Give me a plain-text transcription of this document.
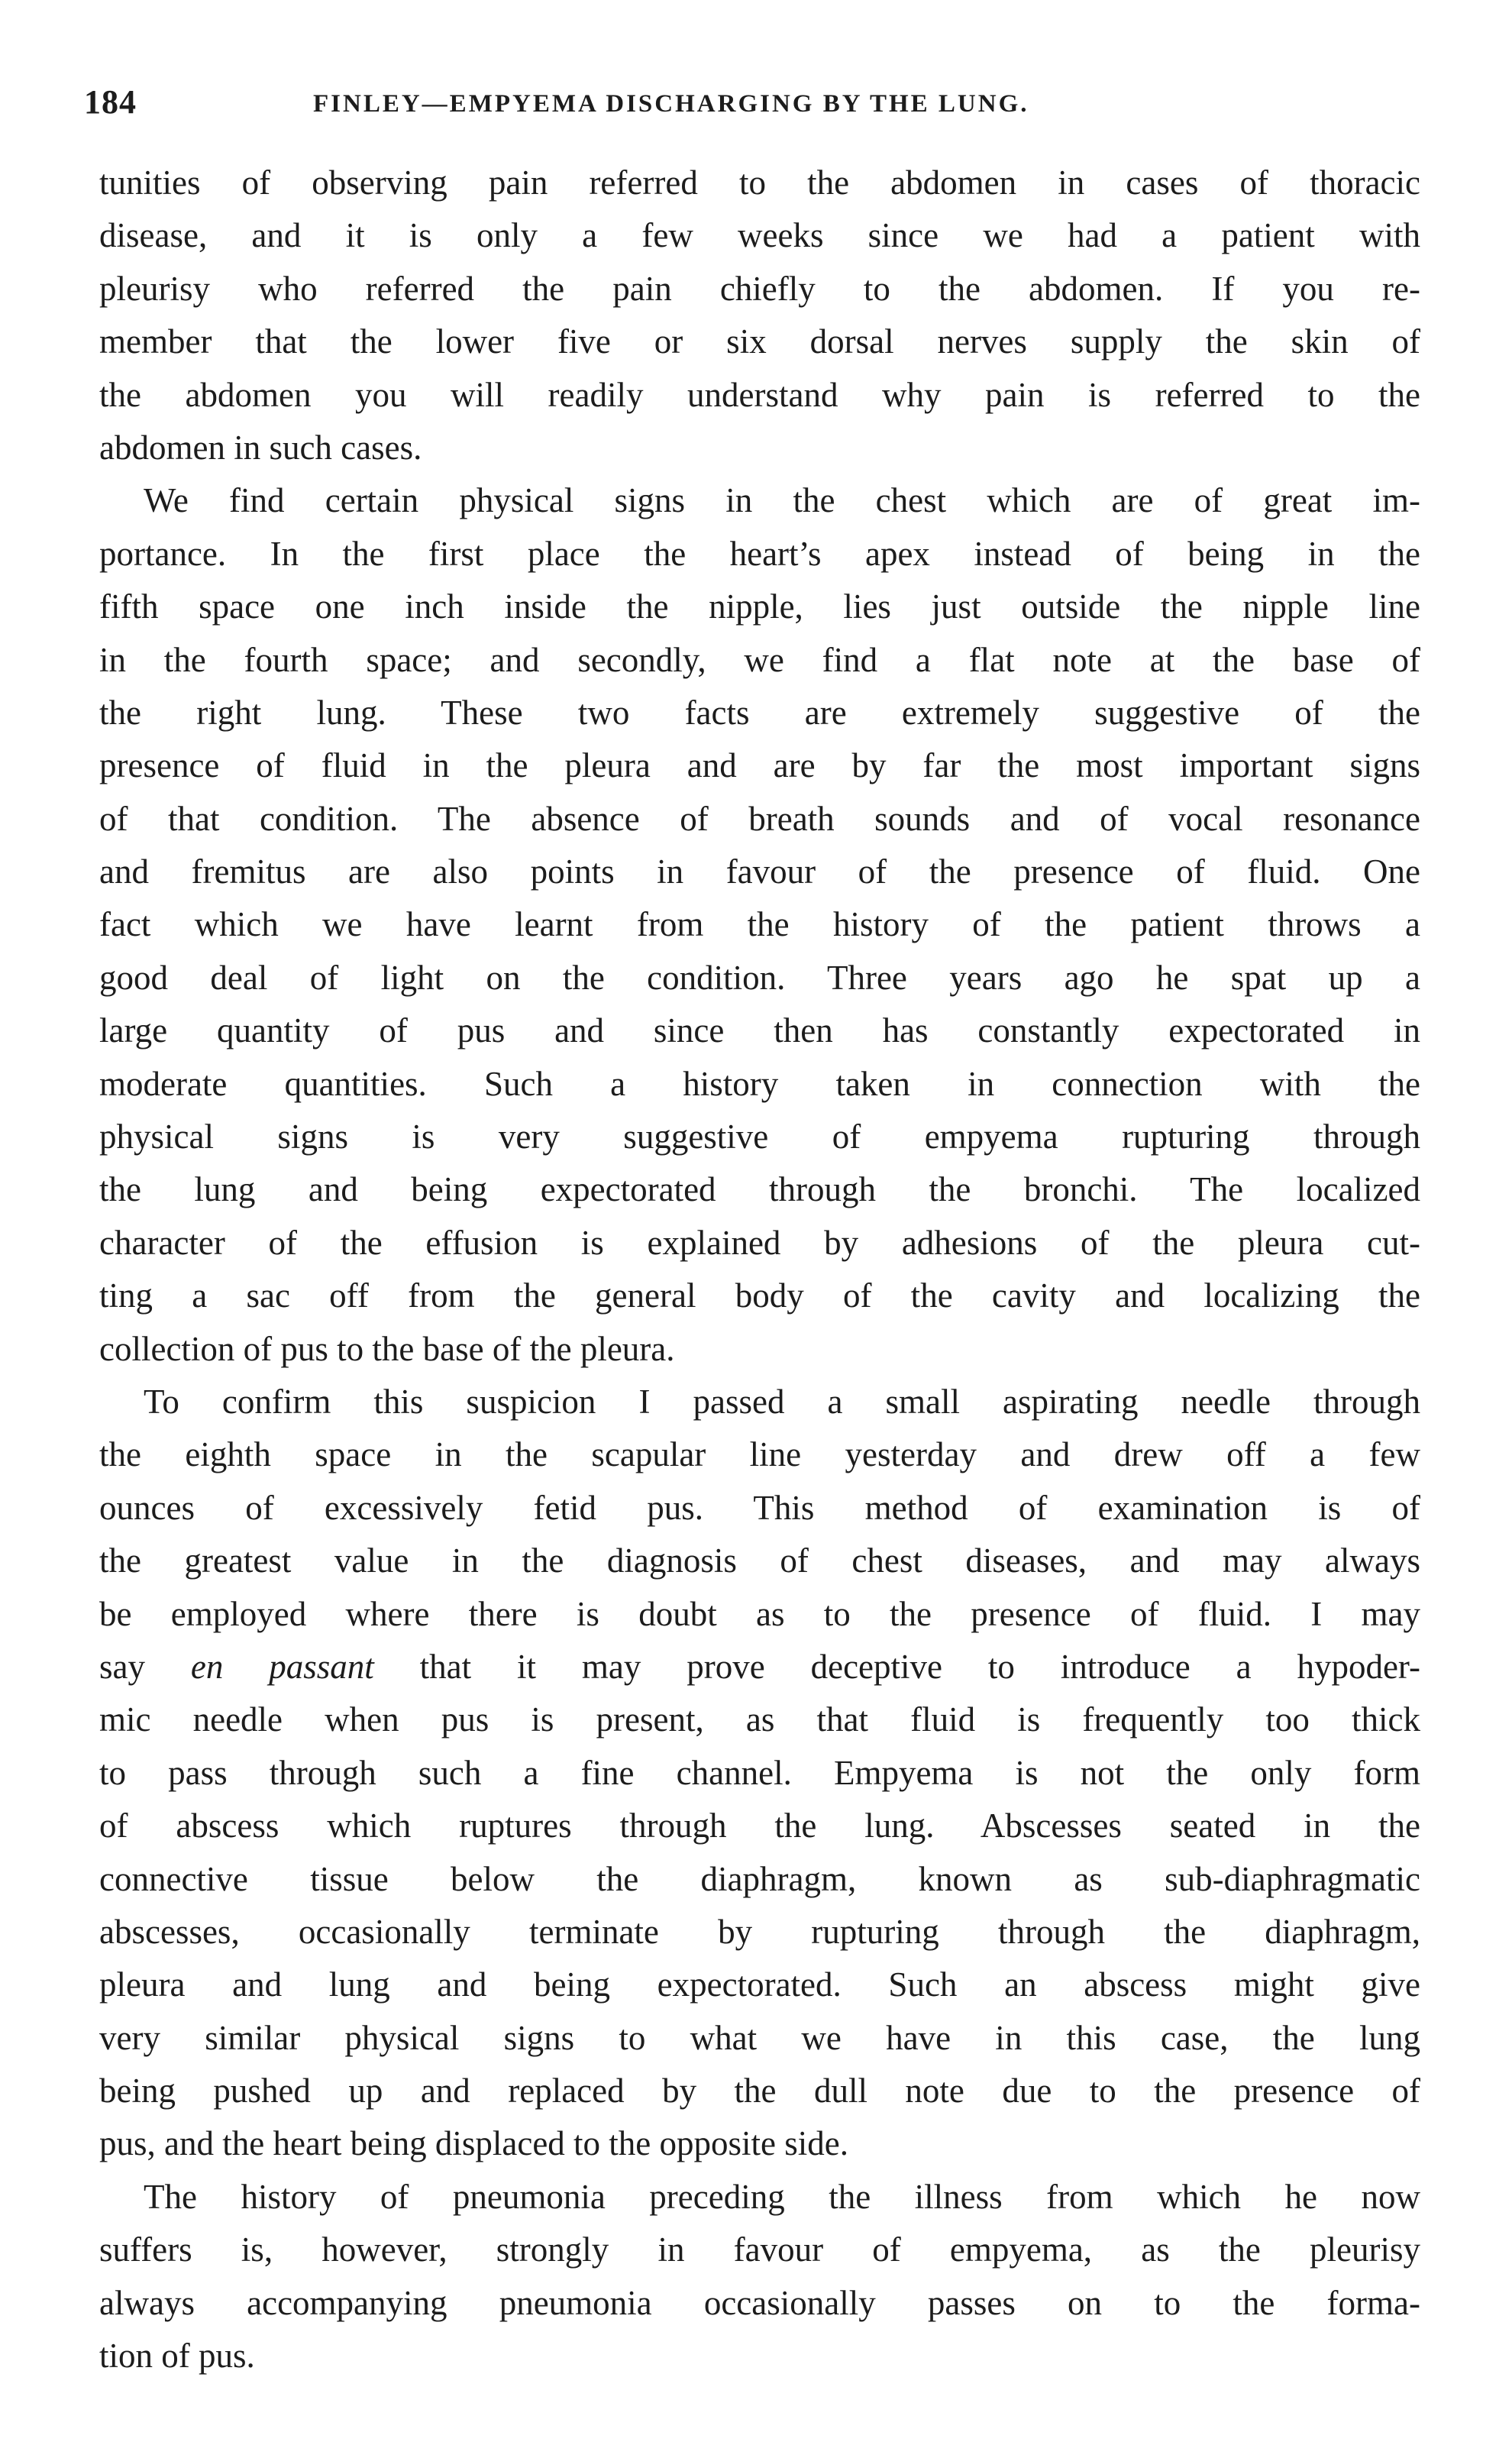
184	FINLEY—EMPYEMA DISCHARGING BY THE LUNG.
tunities of observing pain referred to the abdomen in cases of thoracic
disease, and it is only a few weeks since we had a patient with
pleurisy who referred the pain chiefly to the abdomen. If you re-
member that the lower five or six dorsal nerves supply the skin of
the abdomen you will readily understand why pain is referred to the
abdomen in such cases.
We find certain physical signs in the chest which are of great im-
portance. In the first place the heart’s apex instead of being in the
fifth space one inch inside the nipple, lies just outside the nipple line
in the fourth space; and secondly, we find a flat note at the base of
the right lung. These two facts are extremely suggestive of the
presence of fluid in the pleura and are by far the most important signs
of that condition. The absence of breath sounds and of vocal resonance
and fremitus are also points in favour of the presence of fluid. One
fact which we have learnt from the history of the patient throws a
good deal of light on the condition. Three years ago he spat up a
large quantity of pus and since then has constantly expectorated in
moderate quantities. Such a history taken in connection with the
physical signs is very suggestive of empyema rupturing through
the lung and being expectorated through the bronchi. The localized
character of the effusion is explained by adhesions of the pleura cut-
ting a sac off from the general body of the cavity and localizing the
collection of pus to the base of the pleura.
To confirm this suspicion I passed a small aspirating needle through
the eighth space in the scapular line yesterday and drew off a few
ounces of excessively fetid pus. This method of examination is of
the greatest value in the diagnosis of chest diseases, and may always
be employed where there is doubt as to the presence of fluid. I may
say en passant that it may prove deceptive to introduce a hypoder-
mic needle when pus is present, as that fluid is frequently too thick
to pass through such a fine channel. Empyema is not the only form
of abscess which ruptures through the lung. Abscesses seated in the
connective tissue below the diaphragm, known as sub-diaphragmatic
abscesses, occasionally terminate by rupturing through the diaphragm,
pleura and lung and being expectorated. Such an abscess might give
very similar physical signs to what we have in this case, the lung
being pushed up and replaced by the dull note due to the presence of
pus, and the heart being displaced to the opposite side.
The history of pneumonia preceding the illness from which he now
suffers is, however, strongly in favour of empyema, as the pleurisy
always accompanying pneumonia occasionally passes on to the forma-
tion of pus.
